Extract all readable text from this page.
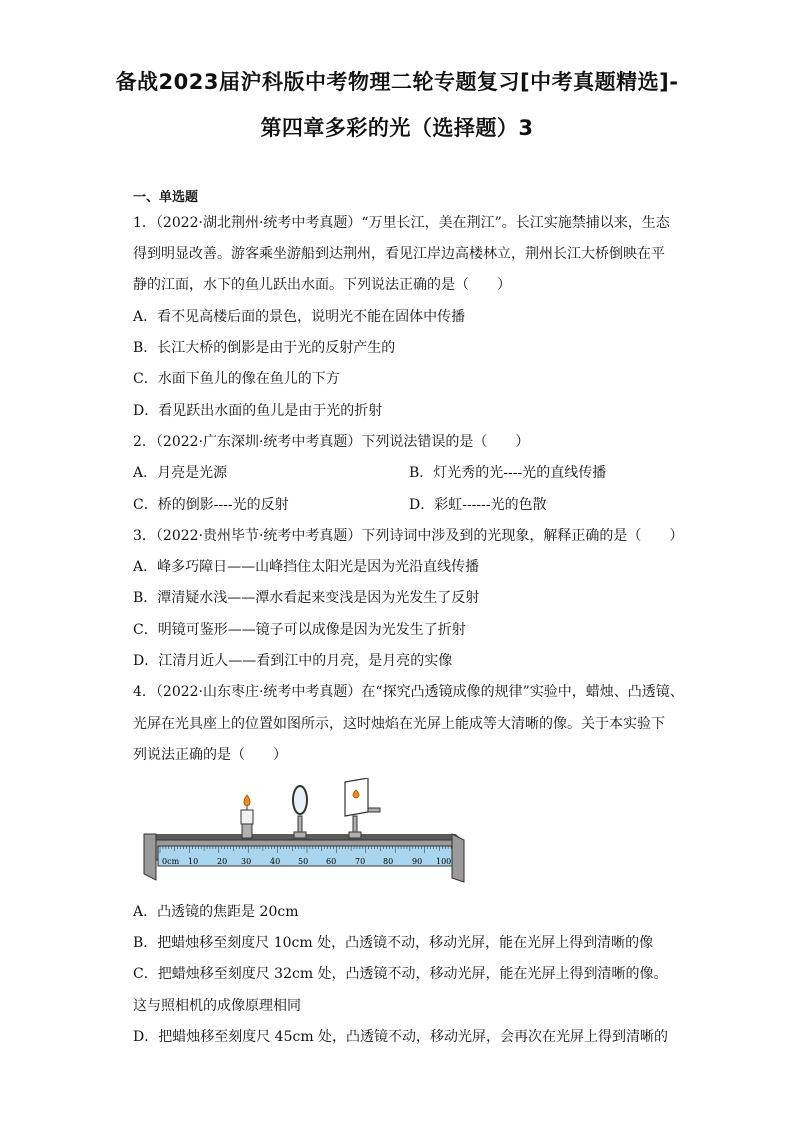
备战2023届沪科版中考物理二轮专题复习[中考真题精选]-
第四章多彩的光（选择题）3
一、单选题
1．（2022·湖北荆州·统考中考真题）“万里长江，美在荆江”。长江实施禁捕以来，生态
得到明显改善。游客乘坐游船到达荆州，看见江岸边高楼林立，荆州长江大桥倒映在平
静的江面，水下的鱼儿跃出水面。下列说法正确的是（　　）
A．看不见高楼后面的景色，说明光不能在固体中传播
B．长江大桥的倒影是由于光的反射产生的
C．水面下鱼儿的像在鱼儿的下方
D．看见跃出水面的鱼儿是由于光的折射
2．（2022·广东深圳·统考中考真题）下列说法错误的是（　　）
A．月亮是光源	B．灯光秀的光----光的直线传播
C．桥的倒影----光的反射	D．彩虹------光的色散
3．（2022·贵州毕节·统考中考真题）下列诗词中涉及到的光现象，解释正确的是（　　）
A．峰多巧障日——山峰挡住太阳光是因为光沿直线传播
B．潭清疑水浅——潭水看起来变浅是因为光发生了反射
C．明镜可鉴形——镜子可以成像是因为光发生了折射
D．江清月近人——看到江中的月亮，是月亮的实像
4．（2022·山东枣庄·统考中考真题）在“探究凸透镜成像的规律”实验中，蜡烛、凸透镜、
光屏在光具座上的位置如图所示，这时烛焰在光屏上能成等大清晰的像。关于本实验下
列说法正确的是（　　）
0cm 10 20 30 40 50 60 70 80 90 100
A．凸透镜的焦距是 20cm
B．把蜡烛移至刻度尺 10cm 处，凸透镜不动，移动光屏，能在光屏上得到清晰的像
C．把蜡烛移至刻度尺 32cm 处，凸透镜不动，移动光屏，能在光屏上得到清晰的像。
这与照相机的成像原理相同
D．把蜡烛移至刻度尺 45cm 处，凸透镜不动，移动光屏，会再次在光屏上得到清晰的
